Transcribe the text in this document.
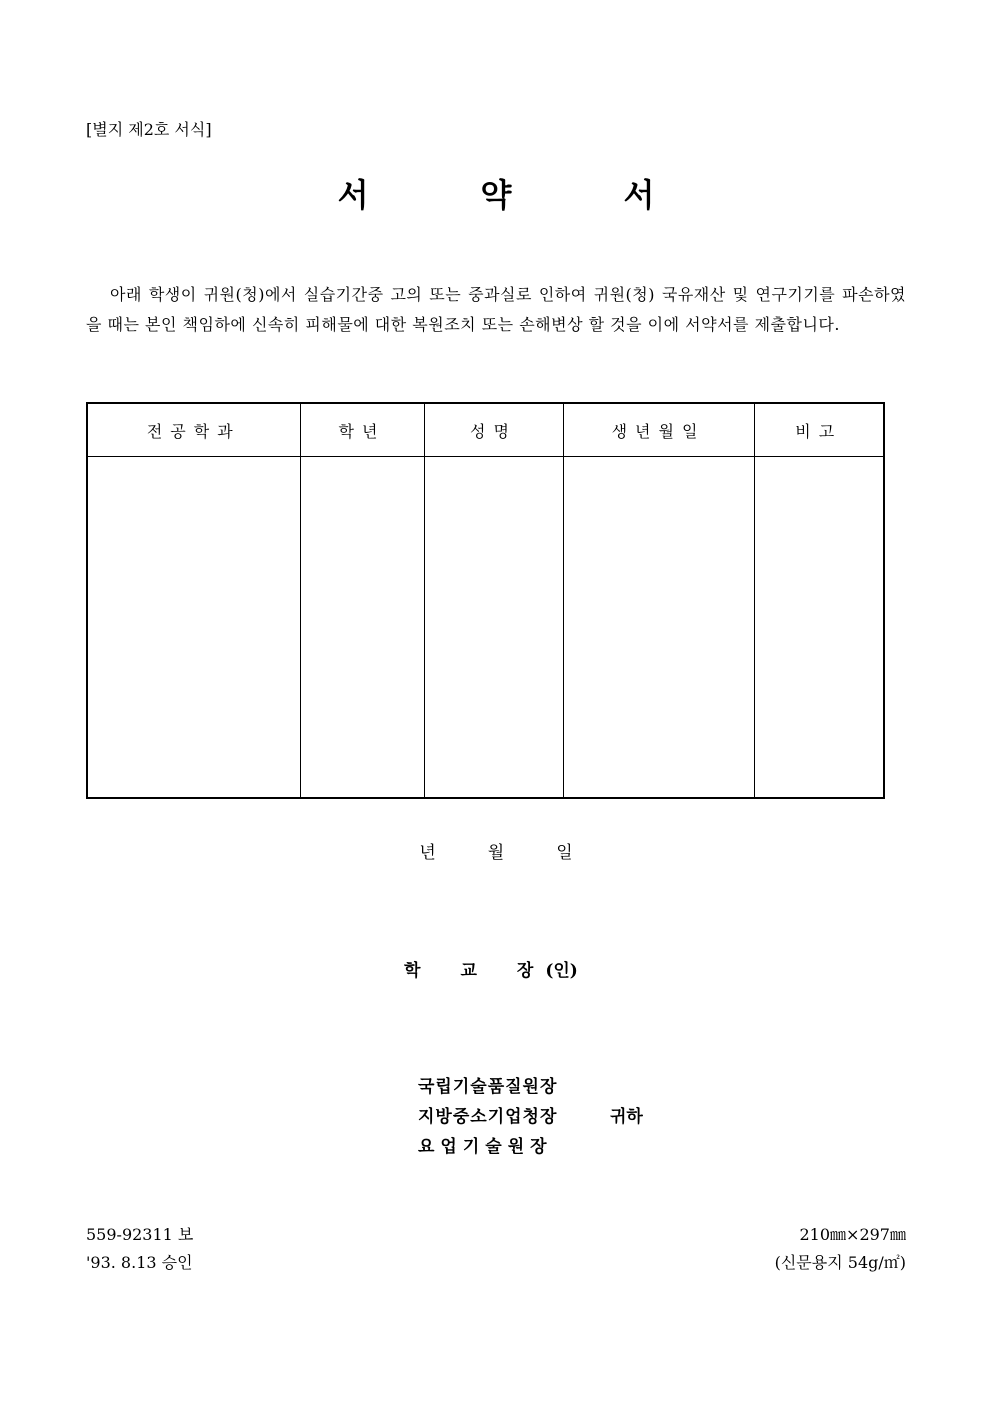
[별지 제2호 서식]
서	약	서
아래 학생이 귀원(청)에서 실습기간중 고의 또는 중과실로 인하여 귀원(청) 국유재산 및 연구기기를 파손하였을 때는 본인 책임하에 신속히 피해물에 대한 복원조치 또는 손해변상 할 것을 이에 서약서를 제출합니다.
전공학과	학년	성명	생년월일	비고

년	월	일
학 교 장 (인)
국립기술품질원장
지방중소기업청장
요업기술원장
귀하
559-92311 보
'93. 8.13 승인
210㎜×297㎜
(신문용지 54g/㎡)
